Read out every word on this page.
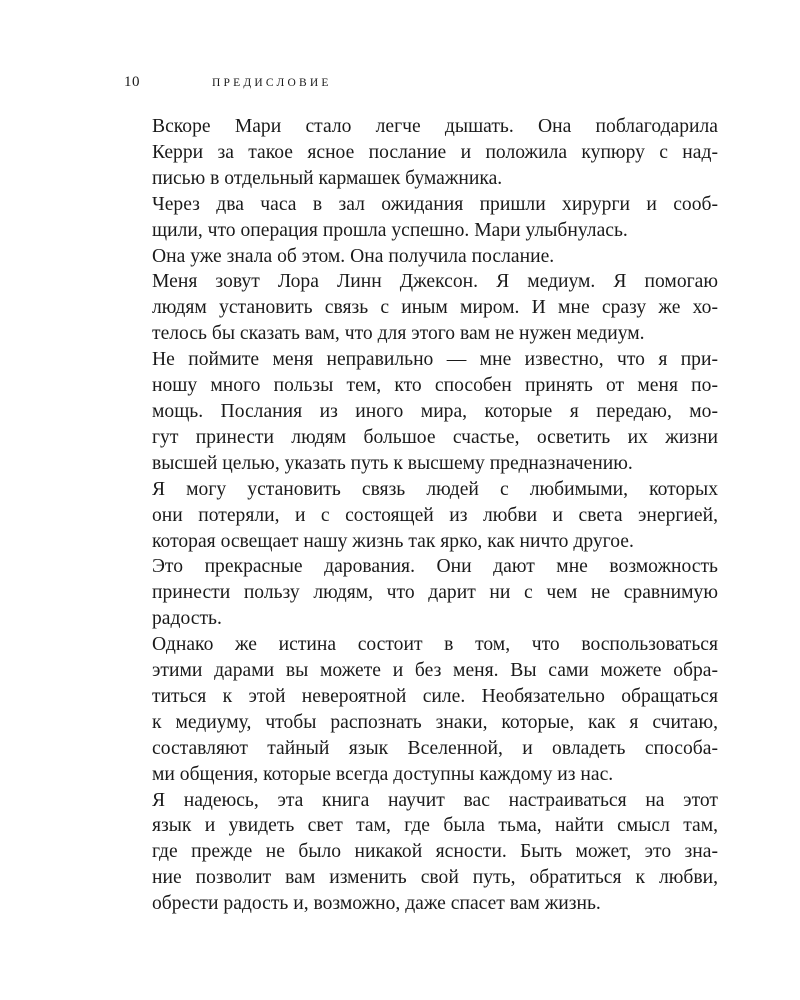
10	ПРЕДИСЛОВИЕ

Вскоре Мари стало легче дышать. Она поблагодарила
Керри за такое ясное послание и положила купюру с над-
писью в отдельный кармашек бумажника.

Через два часа в зал ожидания пришли хирурги и сооб-
щили, что операция прошла успешно. Мари улыбнулась.

Она уже знала об этом. Она получила послание.

Меня зовут Лора Линн Джексон. Я медиум. Я помогаю
людям установить связь с иным миром. И мне сразу же хо-
телось бы сказать вам, что для этого вам не нужен медиум.

Не поймите меня неправильно — мне известно, что я при-
ношу много пользы тем, кто способен принять от меня по-
мощь. Послания из иного мира, которые я передаю, мо-
гут принести людям большое счастье, осветить их жизни
высшей целью, указать путь к высшему предназначению.

Я могу установить связь людей с любимыми, которых
они потеряли, и с состоящей из любви и света энергией,
которая освещает нашу жизнь так ярко, как ничто другое.

Это прекрасные дарования. Они дают мне возможность
принести пользу людям, что дарит ни с чем не сравнимую
радость.

Однако же истина состоит в том, что воспользоваться
этими дарами вы можете и без меня. Вы сами можете обра-
титься к этой невероятной силе. Необязательно обращаться
к медиуму, чтобы распознать знаки, которые, как я считаю,
составляют тайный язык Вселенной, и овладеть способа-
ми общения, которые всегда доступны каждому из нас.

Я надеюсь, эта книга научит вас настраиваться на этот
язык и увидеть свет там, где была тьма, найти смысл там,
где прежде не было никакой ясности. Быть может, это зна-
ние позволит вам изменить свой путь, обратиться к любви,
обрести радость и, возможно, даже спасет вам жизнь.
